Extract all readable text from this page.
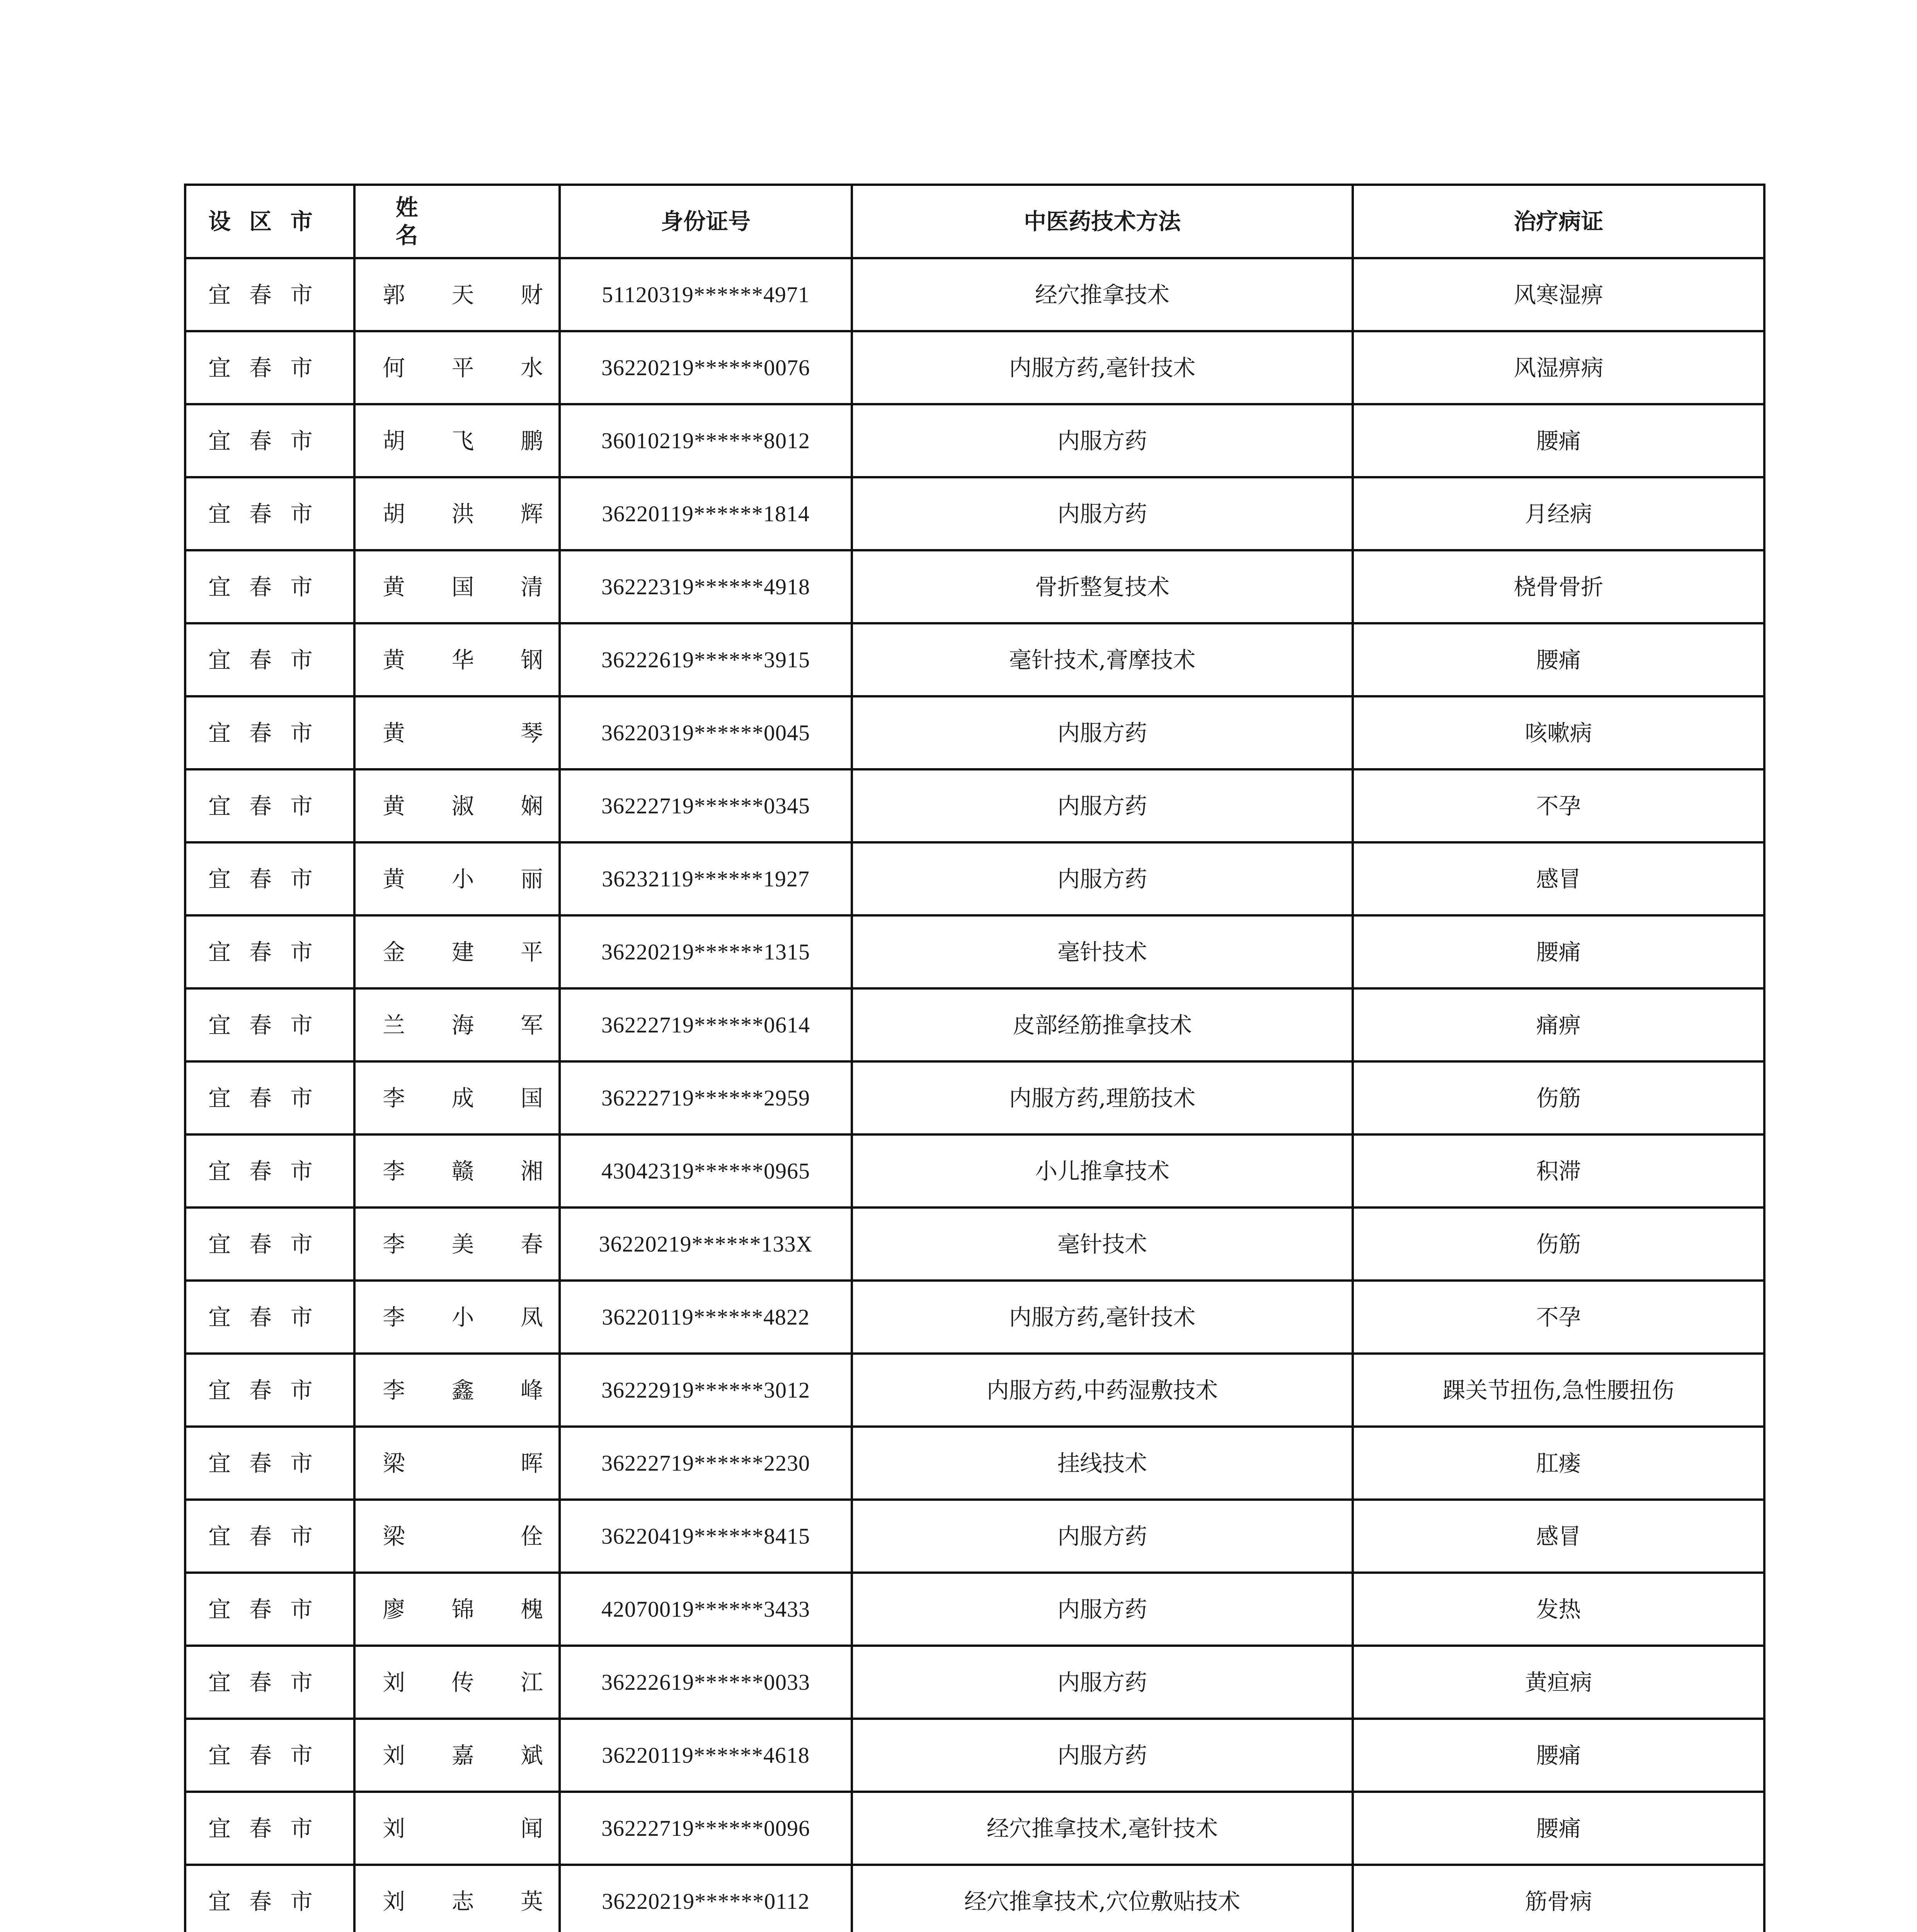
设区市	姓名	身份证号	中医药技术方法	治疗病证
宜春市	郭 天 财	51120319******4971	经穴推拿技术	风寒湿痹
宜春市	何 平 水	36220219******0076	内服方药,毫针技术	风湿痹病
宜春市	胡 飞 鹏	36010219******8012	内服方药	腰痛
宜春市	胡 洪 辉	36220119******1814	内服方药	月经病
宜春市	黄 国 清	36222319******4918	骨折整复技术	桡骨骨折
宜春市	黄 华 钢	36222619******3915	毫针技术,膏摩技术	腰痛
宜春市	黄 琴	36220319******0045	内服方药	咳嗽病
宜春市	黄 淑 娴	36222719******0345	内服方药	不孕
宜春市	黄 小 丽	36232119******1927	内服方药	感冒
宜春市	金 建 平	36220219******1315	毫针技术	腰痛
宜春市	兰 海 军	36222719******0614	皮部经筋推拿技术	痛痹
宜春市	李 成 国	36222719******2959	内服方药,理筋技术	伤筋
宜春市	李 赣 湘	43042319******0965	小儿推拿技术	积滞
宜春市	李 美 春	36220219******133X	毫针技术	伤筋
宜春市	李 小 凤	36220119******4822	内服方药,毫针技术	不孕
宜春市	李 鑫 峰	36222919******3012	内服方药,中药湿敷技术	踝关节扭伤,急性腰扭伤
宜春市	梁 晖	36222719******2230	挂线技术	肛瘘
宜春市	梁 佺	36220419******8415	内服方药	感冒
宜春市	廖 锦 槐	42070019******3433	内服方药	发热
宜春市	刘 传 江	36222619******0033	内服方药	黄疸病
宜春市	刘 嘉 斌	36220119******4618	内服方药	腰痛
宜春市	刘 闻	36222719******0096	经穴推拿技术,毫针技术	腰痛
宜春市	刘 志 英	36220219******0112	经穴推拿技术,穴位敷贴技术	筋骨病
